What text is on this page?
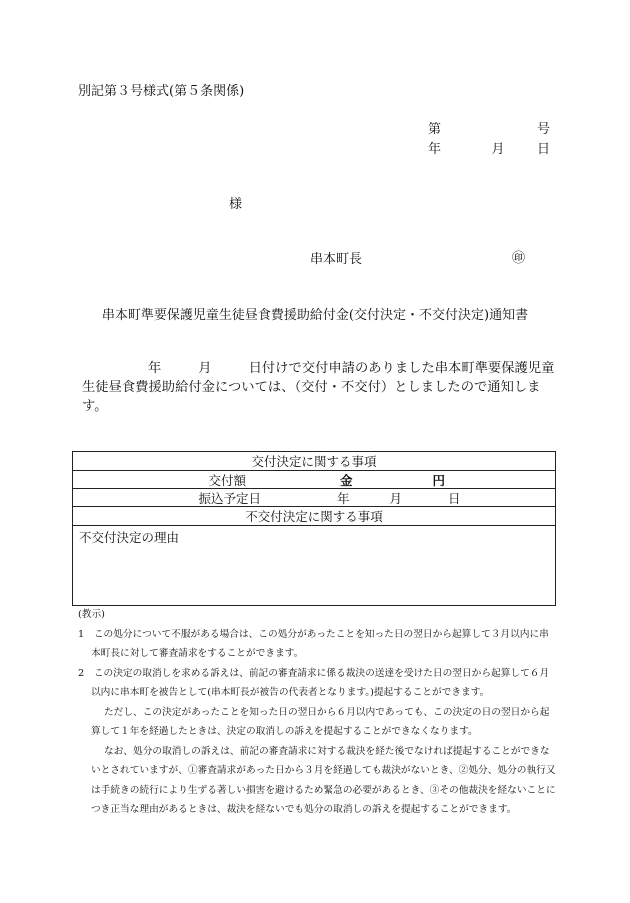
別記第３号様式(第５条関係)
第	号
年	月 日
様
串本町長	㊞
串本町準要保護児童生徒昼食費援助給付金(交付決定・不交付決定)通知書
年	月	日付けで交付申請のありました串本町準要保護児童
生徒昼食費援助給付金については、（交付・不交付）としましたので通知しま
す。
交付決定に関する事項

交付額	金	円

振込予定日	年	月	日

不交付決定に関する事項
不交付決定の理由

(教示)

1　この処分について不服がある場合は、この処分があったことを知った日の翌日から起算して３月以内に串本町長に対して審査請求をすることができます。

2　この決定の取消しを求める訴えは、前記の審査請求に係る裁決の送達を受けた日の翌日から起算して６月以内に串本町を被告として(串本町長が被告の代表者となります。)提起することができます。

ただし、この決定があったことを知った日の翌日から６月以内であっても、この決定の日の翌日から起算して１年を経過したときは、決定の取消しの訴えを提起することができなくなります。

なお、処分の取消しの訴えは、前記の審査請求に対する裁決を経た後でなければ提起することができないとされていますが、①審査請求があった日から３月を経過しても裁決がないとき、②処分、処分の執行又は手続きの続行により生ずる著しい損害を避けるため緊急の必要があるとき、③その他裁決を経ないことにつき正当な理由があるときは、裁決を経ないでも処分の取消しの訴えを提起することができます。
